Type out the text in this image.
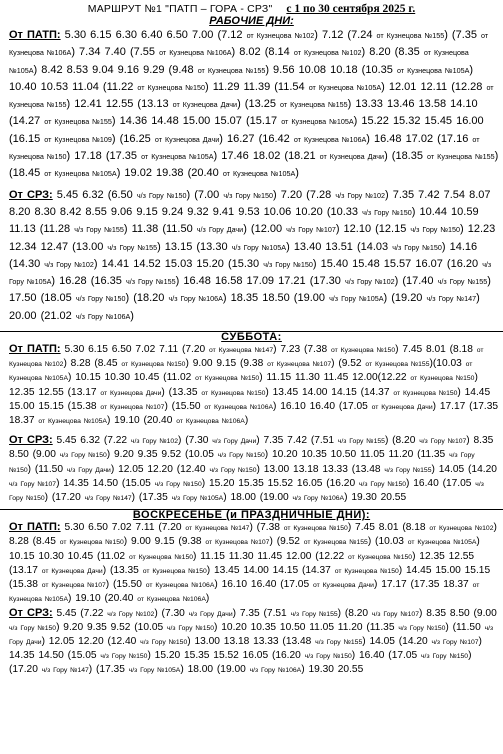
МАРШРУТ №1 "ПАТП – ГОРА - СРЗ" с 1 по 30 сентября 2025 г.
РАБОЧИЕ ДНИ:
От ПАТП: 5.30 6.15 6.30 6.40 6.50 7.00 (7.12 от Кузнецова №102) 7.12 (7.24 от Кузнецова №155) (7.35 от Кузнецова №106А) 7.34 7.40 (7.55 от Кузнецова №106А) 8.02 (8.14 от Кузнецова №102) 8.20 (8.35 от Кузнецова №105А) 8.42 8.53 9.04 9.16 9.29 (9.48 от Кузнецова №155) 9.56 10.08 10.18 (10.35 от Кузнецова №105А) 10.40 10.53 11.04 (11.22 от Кузнецова №150) 11.29 11.39 (11.54 от Кузнецова №105А) 12.01 12.11 (12.28 от Кузнецова №155) 12.41 12.55 (13.13 от Кузнецова Дачи) (13.25 от Кузнецова №155) 13.33 13.46 13.58 14.10 (14.27 от Кузнецова №155) 14.36 14.48 15.00 15.07 (15.17 от Кузнецова №105А) 15.22 15.32 15.45 16.00 (16.15 от Кузнецова №109) (16.25 от Кузнецова Дачи) 16.27 (16.42 от Кузнецова №106А) 16.48 17.02 (17.16 от Кузнецова №150) 17.18 (17.35 от Кузнецова №105А) 17.46 18.02 (18.21 от Кузнецова Дачи) (18.35 от Кузнецова №155) (18.45 от Кузнецова №105А) 19.02 19.38 (20.40 от Кузнецова №105А)
От СРЗ: 5.45 6.32 (6.50 ч/з Гору №150) (7.00 ч/з Гору №150) 7.20 (7.28 ч/з Гору №102) 7.35 7.42 7.54 8.07 8.20 8.30 8.42 8.55 9.06 9.15 9.24 9.32 9.41 9.53 10.06 10.20 (10.33 ч/з Гору №150) 10.44 10.59 11.13 (11.28 ч/з Гору №155) 11.38 (11.50 ч/з Гору Дачи) (12.00 ч/з Гору №107) 12.10 (12.15 ч/з Гору №150) 12.23 12.34 12.47 (13.00 ч/з Гору №155) 13.15 (13.30 ч/з Гору №105А) 13.40 13.51 (14.03 ч/з Гору №150) 14.16 (14.30 ч/з Гору №102) 14.41 14.52 15.03 15.20 (15.30 ч/з Гору №150) 15.40 15.48 15.57 16.07 (16.20 ч/з Гору №105А) 16.28 (16.35 ч/з Гору №155) 16.48 16.58 17.09 17.21 (17.30 ч/з Гору №102) (17.40 ч/з Гору №155) 17.50 (18.05 ч/з Гору №150) (18.20 ч/з Гору №106А) 18.35 18.50 (19.00 ч/з Гору №105А) (19.20 ч/з Гору №147) 20.00 (21.02 ч/з Гору №106А)
СУББОТА:
От ПАТП: 5.30 6.15 6.50 7.02 7.11 (7.20 от Кузнецова №147) 7.23 (7.38 от Кузнецова №150) 7.45 8.01 (8.18 от Кузнецова №102) 8.28 (8.45 от Кузнецова №150) 9.00 9.15 (9.38 от Кузнецова №107) (9.52 от Кузнецова №155)(10.03 от Кузнецова №105А) 10.15 10.30 10.45 (11.02 от Кузнецова №150) 11.15 11.30 11.45 12.00(12.22 от Кузнецова №150) 12.35 12.55 (13.17 от Кузнецова Дачи) (13.35 от Кузнецова №150) 13.45 14.00 14.15 (14.37 от Кузнецова №150) 14.45 15.00 15.15 (15.38 от Кузнецова №107) (15.50 от Кузнецова №106А) 16.10 16.40 (17.05 от Кузнецова Дачи) 17.17 (17.35 18.37 от Кузнецова №105А) 19.10 (20.40 от Кузнецова №106А)
От СРЗ: 5.45 6.32 (7.22 ч/з Гору №102) (7.30 ч/з Гору Дачи) 7.35 7.42 (7.51 ч/з Гору №155) (8.20 ч/з Гору №107) 8.35 8.50 (9.00 ч/з Гору №150) 9.20 9.35 9.52 (10.05 ч/з Гору №150) 10.20 10.35 10.50 11.05 11.20 (11.35 ч/з Гору №150) (11.50 ч/з Гору Дачи) 12.05 12.20 (12.40 ч/з Гору №150) 13.00 13.18 13.33 (13.48 ч/з Гору №155) 14.05 (14.20 ч/з Гору №107) 14.35 14.50 (15.05 ч/з Гору №150) 15.20 15.35 15.52 16.05 (16.20 ч/з Гору №150) 16.40 (17.05 ч/з Гору №150) (17.20 ч/з Гору №147) (17.35 ч/з Гору №105А) 18.00 (19.00 ч/з Гору №106А) 19.30 20.55
ВОСКРЕСЕНЬЕ (и ПРАЗДНИЧНЫЕ ДНИ):
От ПАТП: 5.30 6.50 7.02 7.11 (7.20 от Кузнецова №147) (7.38 от Кузнецова №150) 7.45 8.01 (8.18 от Кузнецова №102) 8.28 (8.45 от Кузнецова №150) 9.00 9.15 (9.38 от Кузнецова №107) (9.52 от Кузнецова №155) (10.03 от Кузнецова №105А) 10.15 10.30 10.45 (11.02 от Кузнецова №150) 11.15 11.30 11.45 12.00 (12.22 от Кузнецова №150) 12.35 12.55 (13.17 от Кузнецова Дачи) (13.35 от Кузнецова №150) 13.45 14.00 14.15 (14.37 от Кузнецова №150) 14.45 15.00 15.15 (15.38 от Кузнецова №107) (15.50 от Кузнецова №106А) 16.10 16.40 (17.05 от Кузнецова Дачи) 17.17 (17.35 18.37 от Кузнецова №105А) 19.10 (20.40 от Кузнецова №106А)
От СРЗ: 5.45 (7.22 ч/з Гору №102) (7.30 ч/з Гору Дачи) 7.35 (7.51 ч/з Гору №155) (8.20 ч/з Гору №107) 8.35 8.50 (9.00 ч/з Гору №150) 9.20 9.35 9.52 (10.05 ч/з Гору №150) 10.20 10.35 10.50 11.05 11.20 (11.35 ч/з Гору №150) (11.50 ч/з Гору Дачи) 12.05 12.20 (12.40 ч/з Гору №150) 13.00 13.18 13.33 (13.48 ч/з Гору №155) 14.05 (14.20 ч/з Гору №107) 14.35 14.50 (15.05 ч/з Гору №150) 15.20 15.35 15.52 16.05 (16.20 ч/з Гору №150) 16.40 (17.05 ч/з Гору №150) (17.20 ч/з Гору №147) (17.35 ч/з Гору №105А) 18.00 (19.00 ч/з Гору №106А) 19.30 20.55
